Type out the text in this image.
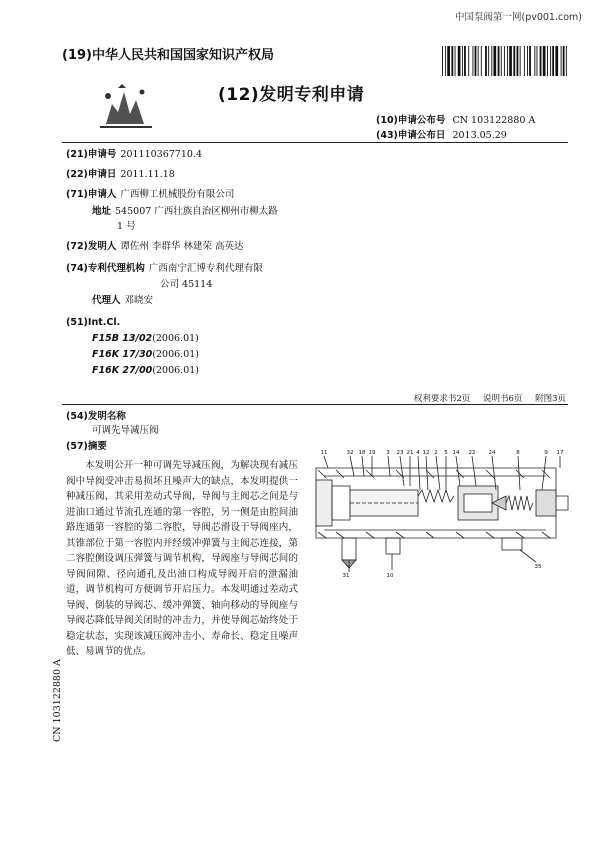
中国泵阀第一网(pv001.com)
(19)中华人民共和国国家知识产权局
(12)发明专利申请
(10)申请公布号 CN 103122880 A
(43)申请公布日 2013.05.29
(21)申请号 201110367710.4
(22)申请日 2011.11.18
(71)申请人 广西柳工机械股份有限公司
地址 545007 广西壮族自治区柳州市柳太路
1 号
(72)发明人 谭佐州 李群华 林建荣 高英达
(74)专利代理机构 广西南宁汇博专利代理有限
公司 45114
代理人 邓晓安
(51)Int.Cl.
F15B 13/02(2006.01)
F16K 17/30(2006.01)
F16K 27/00(2006.01)
权利要求书2页 说明书6页 附图3页
(54)发明名称
可调先导减压阀
(57)摘要

本发明公开一种可调先导减压阀，为解决现有减压阀中导阀受冲击易损坏且噪声大的缺点，本发明提供一种减压阀，其采用差动式导阀，导阀与主阀芯之间是与进油口通过节流孔连通的第一容腔，另一侧是由腔间油路连通第一容腔的第二容腔，导阀芯滑设于导阀座内，其锥部位于第一容腔内并经缓冲弹簧与主阀芯连接，第二容腔侧设调压弹簧与调节机构，导阀座与导阀芯间的导阀间隙、径向通孔及出油口构成导阀开启的泄漏油道，调节机构可方便调节开启压力。本发明通过差动式导阀、倒装的导阀芯、缓冲弹簧、轴向移动的导阀座与导阀芯降低导阀关闭时的冲击力，并使导阀芯始终处于稳定状态，实现该减压阀冲击小、寿命长、稳定且噪声低、易调节的优点。

11	32 18 19 3 23 21 4 12 2 5 14 22 24	8	9 17
31	10
35
CN 103122880 A
